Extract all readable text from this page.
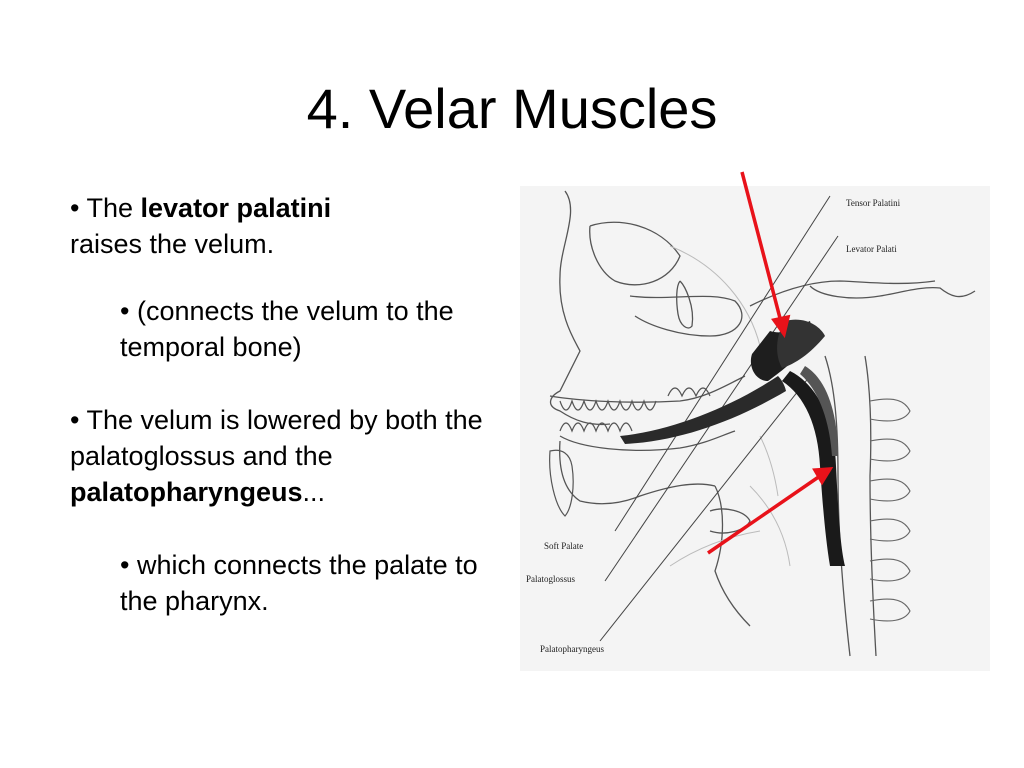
4. Velar Muscles
• The levator palatini
raises the velum.
• (connects the velum to the temporal bone)
• The velum is lowered by both the palatoglossus and the palatopharyngeus...
• which connects the palate to the pharynx.
Tensor Palatini
Levator Palati
Soft Palate
Palatoglossus
Palatopharyngeus
